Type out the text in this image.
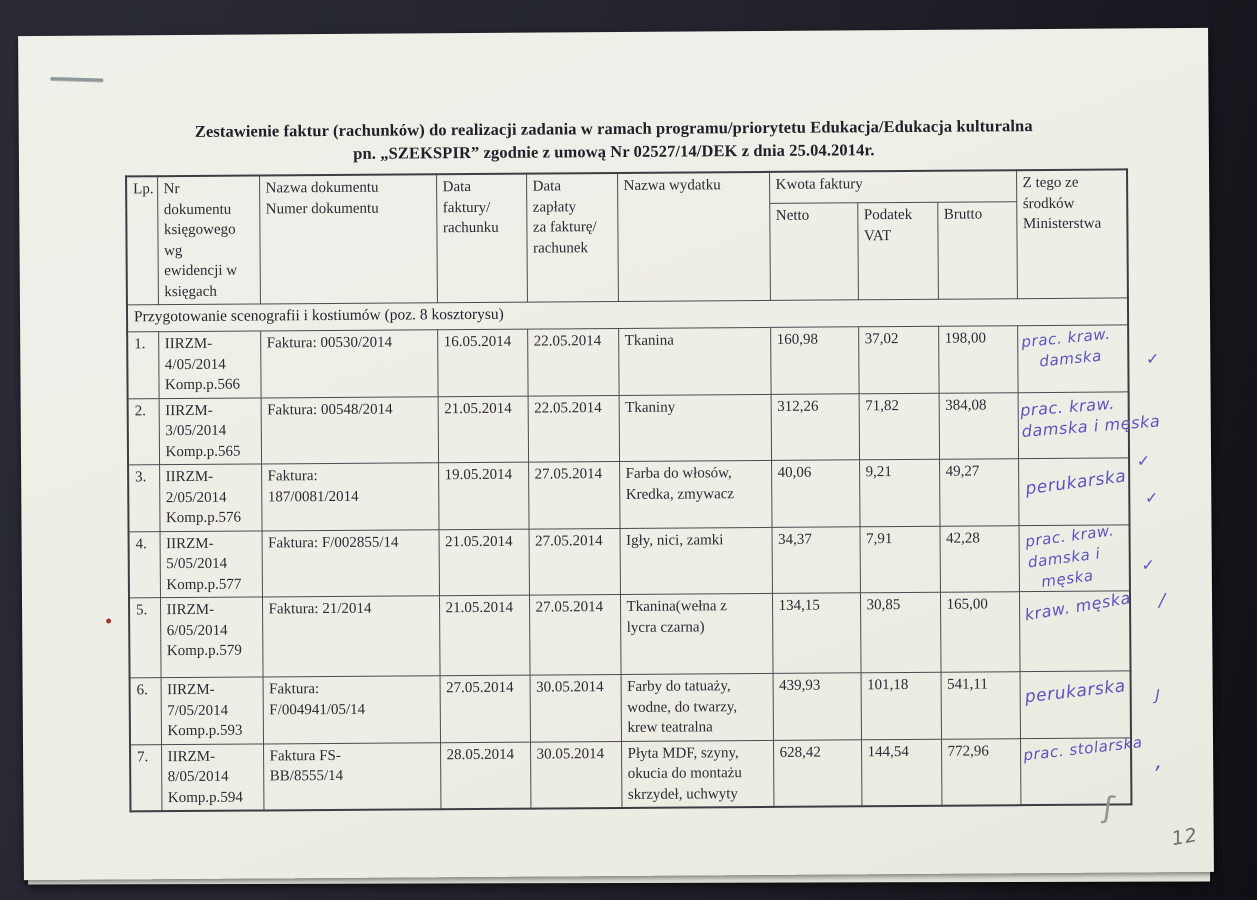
Zestawienie faktur (rachunków) do realizacji zadania w ramach programu/priorytetu Edukacja/Edukacja kulturalna
pn. „SZEKSPIR” zgodnie z umową Nr 02527/14/DEK z dnia 25.04.2014r.
Lp.	Nr
dokumentu
księgowego
wg
ewidencji w
księgach	Nazwa dokumentu
Numer dokumentu	Data
faktury/
rachunku	Data
zapłaty
za fakturę/
rachunek	Nazwa wydatku	Kwota faktury	Z tego ze
środków
Ministerstwa
						Netto	Podatek
VAT	Brutto	
Przygotowanie scenografii i kostiumów (poz. 8 kosztorysu)									
1.	IIRZM-
4/05/2014
Komp.p.566	Faktura: 00530/2014	16.05.2014	22.05.2014	Tkanina	160,98	37,02	198,00	prac. kraw.
damska ✓

2.	IIRZM-
3/05/2014
Komp.p.565	Faktura: 00548/2014	21.05.2014	22.05.2014	Tkaniny	312,26	71,82	384,08	prac. kraw.
damska i męska

✓

3.	IIRZM-
2/05/2014
Komp.p.576	Faktura:
187/0081/2014	19.05.2014	27.05.2014	Farba do włosów,
Kredka, zmywacz	40,06	9,21	49,27	perukarska ✓

4.	IIRZM-
5/05/2014
Komp.p.577	Faktura: F/002855/14	21.05.2014	27.05.2014	Igły, nici, zamki	34,37	7,91	42,28	prac. kraw.
damska i
męska

✓

5.	IIRZM-
6/05/2014
Komp.p.579	Faktura: 21/2014	21.05.2014	27.05.2014	Tkanina(wełna z
lycra czarna)	134,15	30,85	165,00	kraw. męska ∕

6.	IIRZM-
7/05/2014
Komp.p.593	Faktura:
F/004941/05/14	27.05.2014	30.05.2014	Farby do tatuaży,
wodne, do twarzy,
krew teatralna	439,93	101,18	541,11	perukarska J

7.	IIRZM-
8/05/2014
Komp.p.594	Faktura FS-
BB/8555/14	28.05.2014	30.05.2014	Płyta MDF, szyny,
okucia do montażu
skrzydeł, uchwyty	628,42	144,54	772,96	prac. stolarska ,

ʃ
12
